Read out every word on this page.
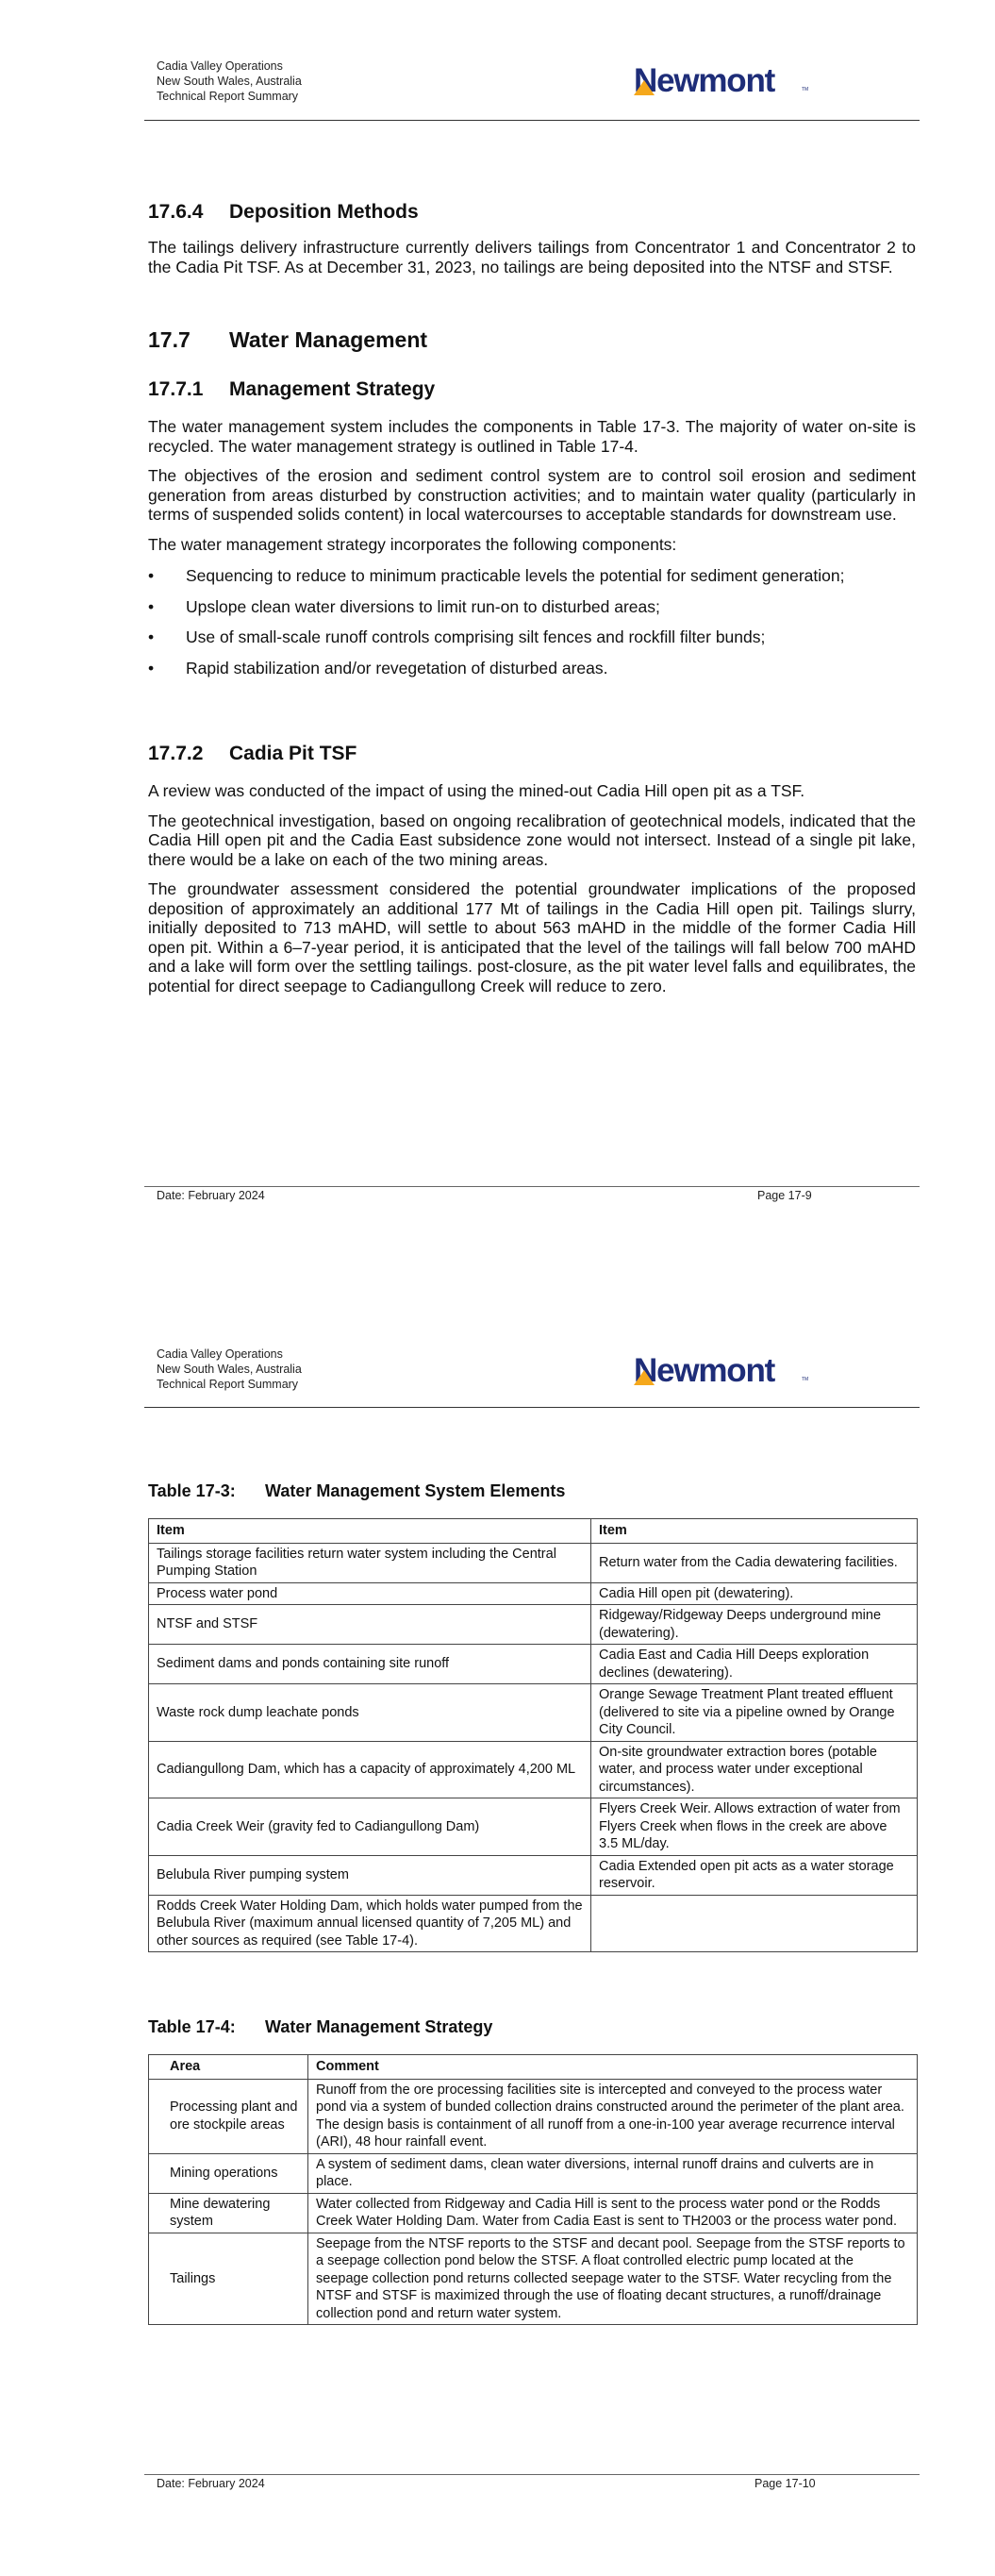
Cadia Valley Operations
New South Wales, Australia
Technical Report Summary	Newmont	TM
17.6.4 Deposition Methods

The tailings delivery infrastructure currently delivers tailings from Concentrator 1 and Concentrator 2 to the Cadia Pit TSF. As at December 31, 2023, no tailings are being deposited into the NTSF and STSF.

17.7 Water Management
17.7.1 Management Strategy

The water management system includes the components in Table 17-3. The majority of water on-site is recycled. The water management strategy is outlined in Table 17-4.

The objectives of the erosion and sediment control system are to control soil erosion and sediment generation from areas disturbed by construction activities; and to maintain water quality (particularly in terms of suspended solids content) in local watercourses to acceptable standards for downstream use.

The water management strategy incorporates the following components:

• Sequencing to reduce to minimum practicable levels the potential for sediment generation;
• Upslope clean water diversions to limit run-on to disturbed areas;
• Use of small-scale runoff controls comprising silt fences and rockfill filter bunds;
• Rapid stabilization and/or revegetation of disturbed areas.
17.7.2 Cadia Pit TSF

A review was conducted of the impact of using the mined-out Cadia Hill open pit as a TSF.

The geotechnical investigation, based on ongoing recalibration of geotechnical models, indicated that the Cadia Hill open pit and the Cadia East subsidence zone would not intersect. Instead of a single pit lake, there would be a lake on each of the two mining areas.

The groundwater assessment considered the potential groundwater implications of the proposed deposition of approximately an additional 177 Mt of tailings in the Cadia Hill open pit. Tailings slurry, initially deposited to 713 mAHD, will settle to about 563 mAHD in the middle of the former Cadia Hill open pit. Within a 6–7-year period, it is anticipated that the level of the tailings will fall below 700 mAHD and a lake will form over the settling tailings. post-closure, as the pit water level falls and equilibrates, the potential for direct seepage to Cadiangullong Creek will reduce to zero.

Date: February 2024	Page 17-9
Cadia Valley Operations
New South Wales, Australia
Technical Report Summary	Newmont	TM
Table 17-3: Water Management System Elements
Item	Item
Tailings storage facilities return water system including the Central Pumping Station	Return water from the Cadia dewatering facilities.
Process water pond	Cadia Hill open pit (dewatering).
NTSF and STSF	Ridgeway/Ridgeway Deeps underground mine (dewatering).
Sediment dams and ponds containing site runoff	Cadia East and Cadia Hill Deeps exploration declines (dewatering).
Waste rock dump leachate ponds	Orange Sewage Treatment Plant treated effluent (delivered to site via a pipeline owned by Orange City Council.
Cadiangullong Dam, which has a capacity of approximately 4,200 ML	On-site groundwater extraction bores (potable water, and process water under exceptional circumstances).
Cadia Creek Weir (gravity fed to Cadiangullong Dam)	Flyers Creek Weir. Allows extraction of water from Flyers Creek when flows in the creek are above 3.5 ML/day.
Belubula River pumping system	Cadia Extended open pit acts as a water storage reservoir.
Rodds Creek Water Holding Dam, which holds water pumped from the Belubula River (maximum annual licensed quantity of 7,205 ML) and other sources as required (see Table 17-4).	
Table 17-4: Water Management Strategy
Area	Comment
Processing plant and ore stockpile areas	Runoff from the ore processing facilities site is intercepted and conveyed to the process water pond via a system of bunded collection drains constructed around the perimeter of the plant area. The design basis is containment of all runoff from a one-in-100 year average recurrence interval (ARI), 48 hour rainfall event.
Mining operations	A system of sediment dams, clean water diversions, internal runoff drains and culverts are in place.
Mine dewatering system	Water collected from Ridgeway and Cadia Hill is sent to the process water pond or the Rodds Creek Water Holding Dam. Water from Cadia East is sent to TH2003 or the process water pond.
Tailings	Seepage from the NTSF reports to the STSF and decant pool. Seepage from the STSF reports to a seepage collection pond below the STSF. A float controlled electric pump located at the seepage collection pond returns collected seepage water to the STSF. Water recycling from the NTSF and STSF is maximized through the use of floating decant structures, a runoff/drainage collection pond and return water system.
Date: February 2024	Page 17-10
